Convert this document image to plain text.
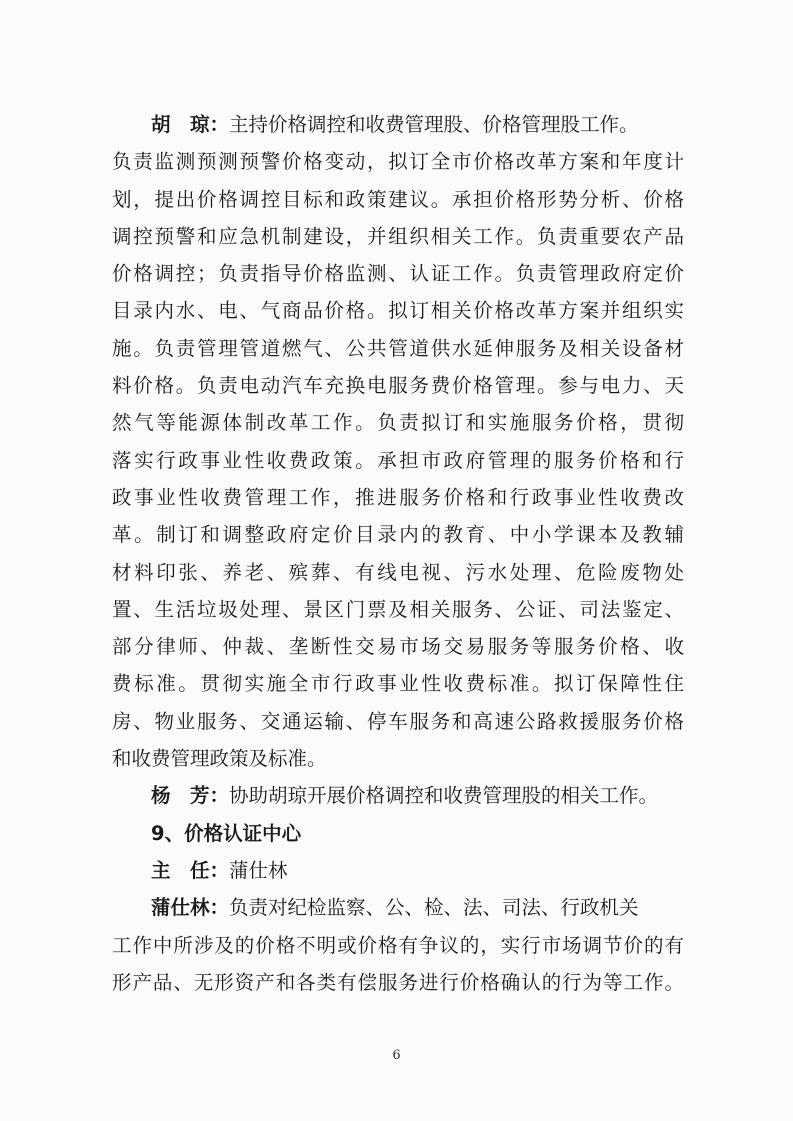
胡　琼：主持价格调控和收费管理股、价格管理股工作。
负责监测预测预警价格变动，拟订全市价格改革方案和年度计
划，提出价格调控目标和政策建议。承担价格形势分析、价格
调控预警和应急机制建设，并组织相关工作。负责重要农产品
价格调控；负责指导价格监测、认证工作。负责管理政府定价
目录内水、电、气商品价格。拟订相关价格改革方案并组织实
施。负责管理管道燃气、公共管道供水延伸服务及相关设备材
料价格。负责电动汽车充换电服务费价格管理。参与电力、天
然气等能源体制改革工作。负责拟订和实施服务价格，贯彻
落实行政事业性收费政策。承担市政府管理的服务价格和行
政事业性收费管理工作，推进服务价格和行政事业性收费改
革。制订和调整政府定价目录内的教育、中小学课本及教辅
材料印张、养老、殡葬、有线电视、污水处理、危险废物处
置、生活垃圾处理、景区门票及相关服务、公证、司法鉴定、
部分律师、仲裁、垄断性交易市场交易服务等服务价格、收
费标准。贯彻实施全市行政事业性收费标准。拟订保障性住
房、物业服务、交通运输、停车服务和高速公路救援服务价格
和收费管理政策及标准。
杨　芳：协助胡琼开展价格调控和收费管理股的相关工作。
9、价格认证中心
主　任：蒲仕林
蒲仕林：负责对纪检监察、公、检、法、司法、行政机关
工作中所涉及的价格不明或价格有争议的，实行市场调节价的有
形产品、无形资产和各类有偿服务进行价格确认的行为等工作。
6
